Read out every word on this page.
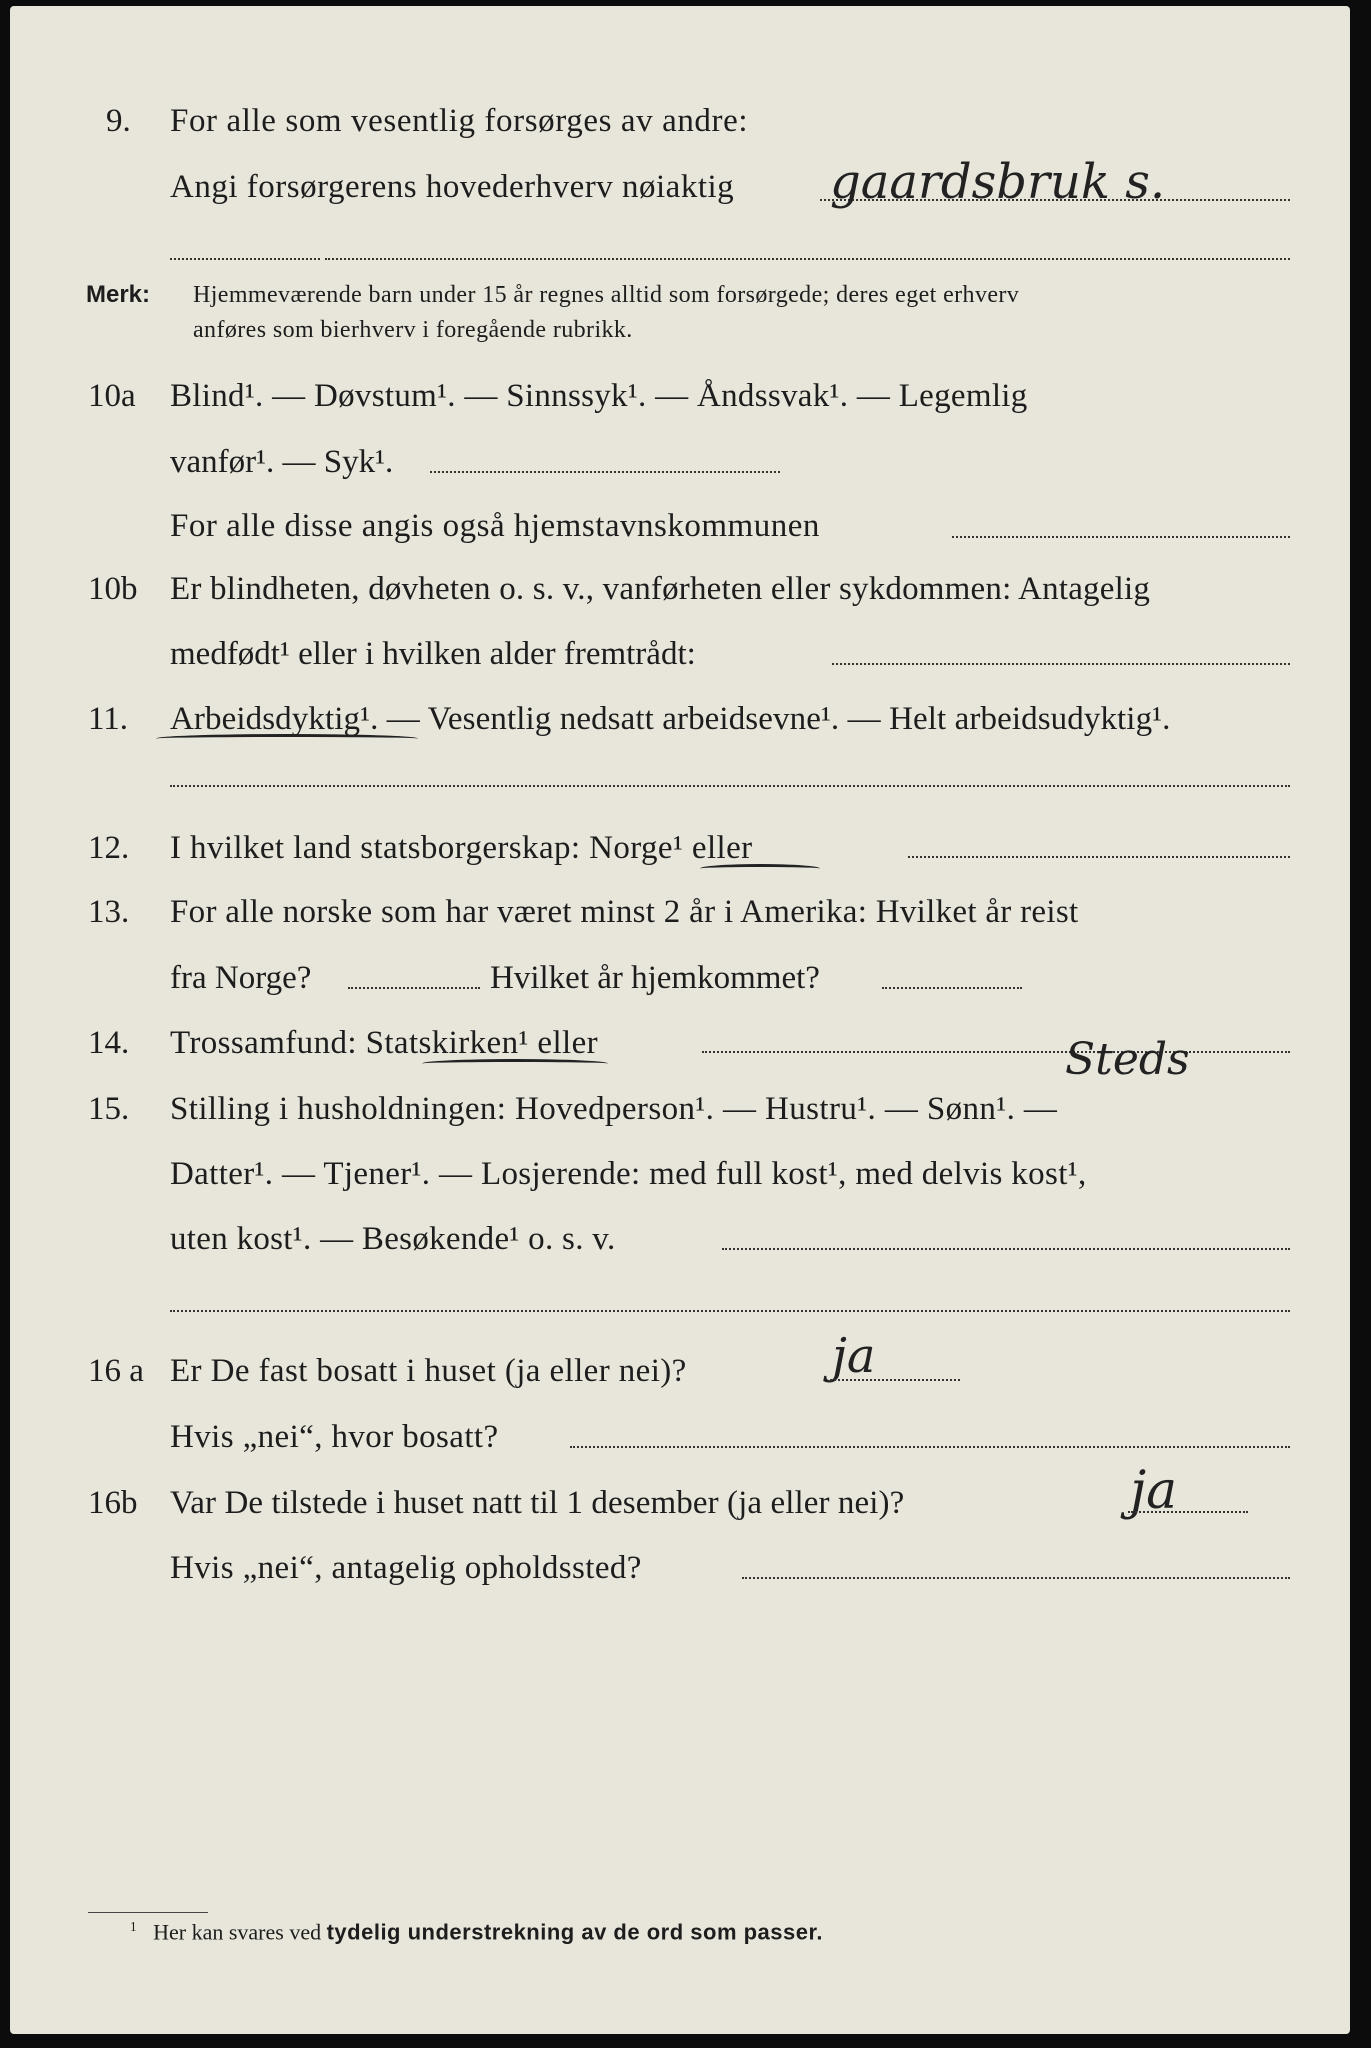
9. For alle som vesentlig forsørges av andre:
Angi forsørgerens hovederhverv nøiaktig gaardsbruk s.
Merk: Hjemmeværende barn under 15 år regnes alltid som forsørgede; deres eget erhverv
anføres som bierhverv i foregående rubrikk.
10a Blind¹. — Døvstum¹. — Sinnssyk¹. — Åndssvak¹. — Legemlig
vanfør¹. — Syk¹.
For alle disse angis også hjemstavnskommunen
10b Er blindheten, døvheten o. s. v., vanførheten eller sykdommen: Antagelig
medfødt¹ eller i hvilken alder fremtrådt:
11. Arbeidsdyktig¹. — Vesentlig nedsatt arbeidsevne¹. — Helt arbeidsudyktig¹.
12. I hvilket land statsborgerskap: Norge¹ eller
13. For alle norske som har været minst 2 år i Amerika: Hvilket år reist
fra Norge?	Hvilket år hjemkommet?
14. Trossamfund: Statskirken¹ eller
15. Stilling i husholdningen: Hovedperson¹. — Hustru¹. — Sønn¹. —
Steds
Datter¹. — Tjener¹. — Losjerende: med full kost¹, med delvis kost¹,
uten kost¹. — Besøkende¹ o. s. v.
16 a Er De fast bosatt i huset (ja eller nei)?	ja
Hvis „nei“, hvor bosatt?
16b Var De tilstede i huset natt til 1 desember (ja eller nei)?	ja
Hvis „nei“, antagelig opholdssted?
$^1$ Her kan svares ved tydelig understrekning av de ord som passer.
